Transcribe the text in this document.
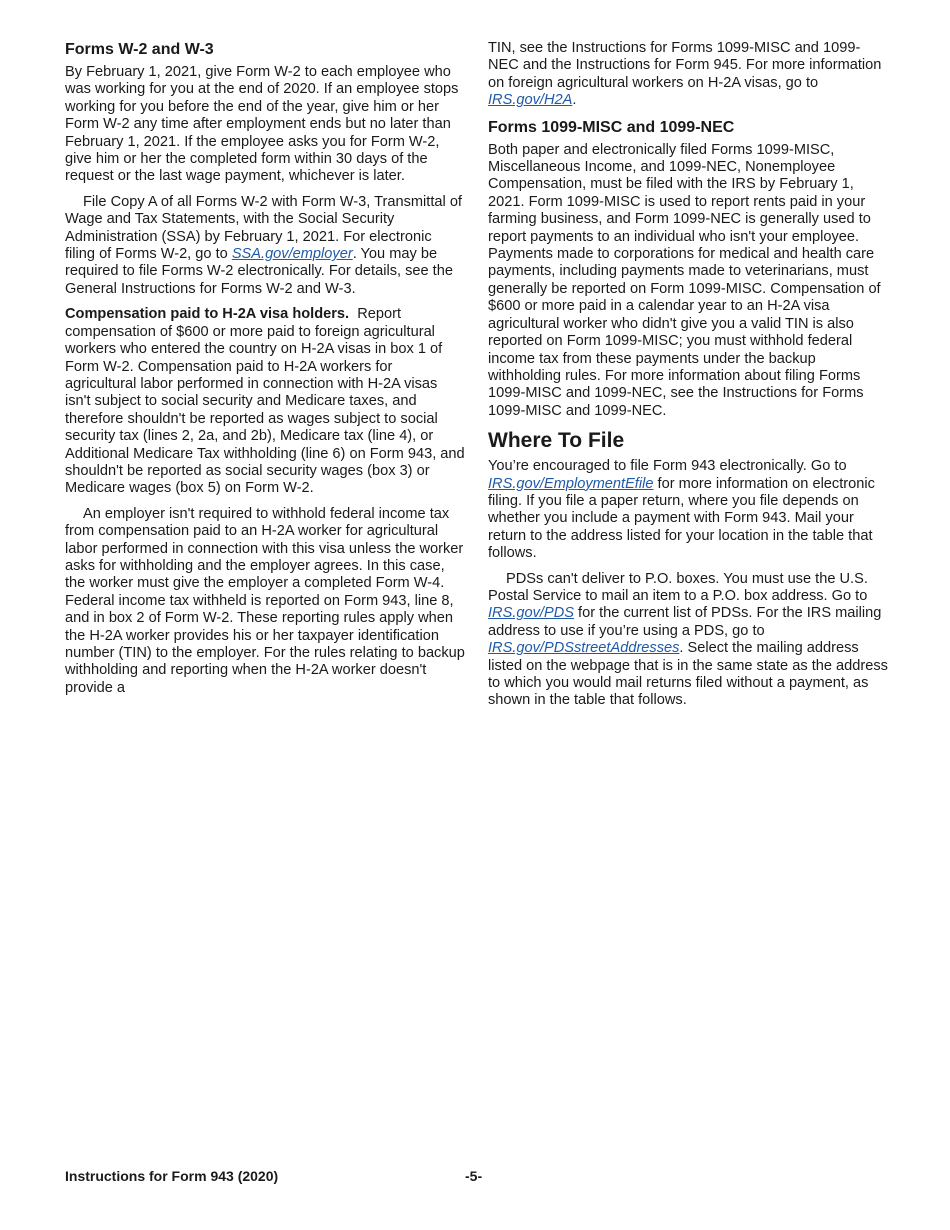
Forms W-2 and W-3

By February 1, 2021, give Form W-2 to each employee who was working for you at the end of 2020. If an employee stops working for you before the end of the year, give him or her Form W-2 any time after employment ends but no later than February 1, 2021. If the employee asks you for Form W-2, give him or her the completed form within 30 days of the request or the last wage payment, whichever is later.

File Copy A of all Forms W-2 with Form W-3, Transmittal of Wage and Tax Statements, with the Social Security Administration (SSA) by February 1, 2021. For electronic filing of Forms W-2, go to SSA.gov/employer. You may be required to file Forms W-2 electronically. For details, see the General Instructions for Forms W-2 and W-3.

Compensation paid to H-2A visa holders. Report compensation of $600 or more paid to foreign agricultural workers who entered the country on H-2A visas in box 1 of Form W-2. Compensation paid to H-2A workers for agricultural labor performed in connection with H-2A visas isn't subject to social security and Medicare taxes, and therefore shouldn't be reported as wages subject to social security tax (lines 2, 2a, and 2b), Medicare tax (line 4), or Additional Medicare Tax withholding (line 6) on Form 943, and shouldn't be reported as social security wages (box 3) or Medicare wages (box 5) on Form W-2.

An employer isn't required to withhold federal income tax from compensation paid to an H-2A worker for agricultural labor performed in connection with this visa unless the worker asks for withholding and the employer agrees. In this case, the worker must give the employer a completed Form W-4. Federal income tax withheld is reported on Form 943, line 8, and in box 2 of Form W-2. These reporting rules apply when the H-2A worker provides his or her taxpayer identification number (TIN) to the employer. For the rules relating to backup withholding and reporting when the H-2A worker doesn't provide a

TIN, see the Instructions for Forms 1099-MISC and 1099-NEC and the Instructions for Form 945. For more information on foreign agricultural workers on H-2A visas, go to IRS.gov/H2A.

Forms 1099-MISC and 1099-NEC

Both paper and electronically filed Forms 1099-MISC, Miscellaneous Income, and 1099-NEC, Nonemployee Compensation, must be filed with the IRS by February 1, 2021. Form 1099-MISC is used to report rents paid in your farming business, and Form 1099-NEC is generally used to report payments to an individual who isn't your employee. Payments made to corporations for medical and health care payments, including payments made to veterinarians, must generally be reported on Form 1099-MISC. Compensation of $600 or more paid in a calendar year to an H-2A visa agricultural worker who didn't give you a valid TIN is also reported on Form 1099-MISC; you must withhold federal income tax from these payments under the backup withholding rules. For more information about filing Forms 1099-MISC and 1099-NEC, see the Instructions for Forms 1099-MISC and 1099-NEC.

Where To File

You’re encouraged to file Form 943 electronically. Go to IRS.gov/EmploymentEfile for more information on electronic filing. If you file a paper return, where you file depends on whether you include a payment with Form 943. Mail your return to the address listed for your location in the table that follows.

PDSs can't deliver to P.O. boxes. You must use the U.S. Postal Service to mail an item to a P.O. box address. Go to IRS.gov/PDS for the current list of PDSs. For the IRS mailing address to use if you’re using a PDS, go to IRS.gov/PDSstreetAddresses. Select the mailing address listed on the webpage that is in the same state as the address to which you would mail returns filed without a payment, as shown in the table that follows.

Instructions for Form 943 (2020)	-5-
